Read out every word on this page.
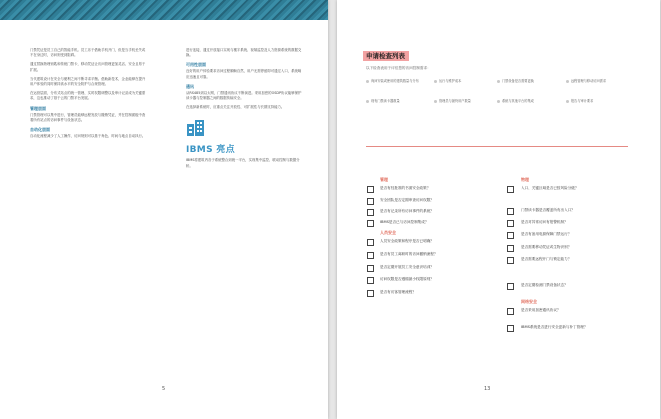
门禁凭证是员工自己的智能手机。员工乐于借助手机开门，但是当手机丢失或不在身边时，访问则受到阻碍。

通过替换物理钥匙和传统门禁卡，移动凭证让访问管理更加灵活、安全且易于扩展。

当代建筑设计在安全与便利之间不断寻求平衡。借助新技术，企业能够在提升用户体验的同时保持高水平的安全防护与合规管理。

在运营层面，分布式站点的统一管理、实时权限调整以及审计记录成为关键需求，这也推动了基于云的门禁平台发展。

管理层面

门禁管理可以集中进行，管理员能够远程发放与撤销凭证，并在控制面板中查看所有站点的访问事件与设备状态。

自动化层面

自动化流程减少了人工操作，访问规则可以基于角色、时间与地点自动执行。

进行连接，通过开放接口实现与楼宇系统、视频监控及人力资源系统的数据交换。

可用性层面

良好的用户体验要求访问过程顺畅自然，用户无需停留即可通过入口，系统响应迅速且可靠。

通讯

从RS485到以太网，门禁通讯协议不断演进。采用加密的OSDP协议能够保护读卡器与控制器之间的数据传输安全。

在选择新系统时，应重点关注开放性、可扩展性与长期支持能力。

IBMS 亮点

IBMS将建筑内各子系统整合到统一平台，实现集中监控、联动控制与数据分析。

5
申请检查列表
以下检查表用于评估您的访问控制需求：
询问安装或使用的建筑数量与分布
现有门禁读卡器数量
运行与维护成本
管理员与最终用户数量
门禁设备是否需要更换
系统与其他平台的集成
远程管理与移动访问需求
报告与审计要求
管理
是否有经批准的书面安全政策？
安全团队是否定期审查访问权限？
是否有记录所有访问事件的系统？
IBMS是否已与访问控制集成？
人员安全
人员安全政策和程序是否已明确？
是否有员工离职时的访问撤销流程？
是否定期开展员工安全意识培训？
访问权限是否遵循最小权限原则？
是否有访客管理流程？
物理
入口、关键区域是否已按风险分级？
门禁读卡器是否覆盖所有出入口？
是否对异常访问有报警机制？
是否有备用电源保障门禁运行？
是否需要移动凭证或生物识别？
是否需要远程开门与锁定能力？
是否定期检测门禁设备状态？
网络安全
是否采用加密通讯协议？
IBMS系统是否进行安全更新与补丁管理？
13
